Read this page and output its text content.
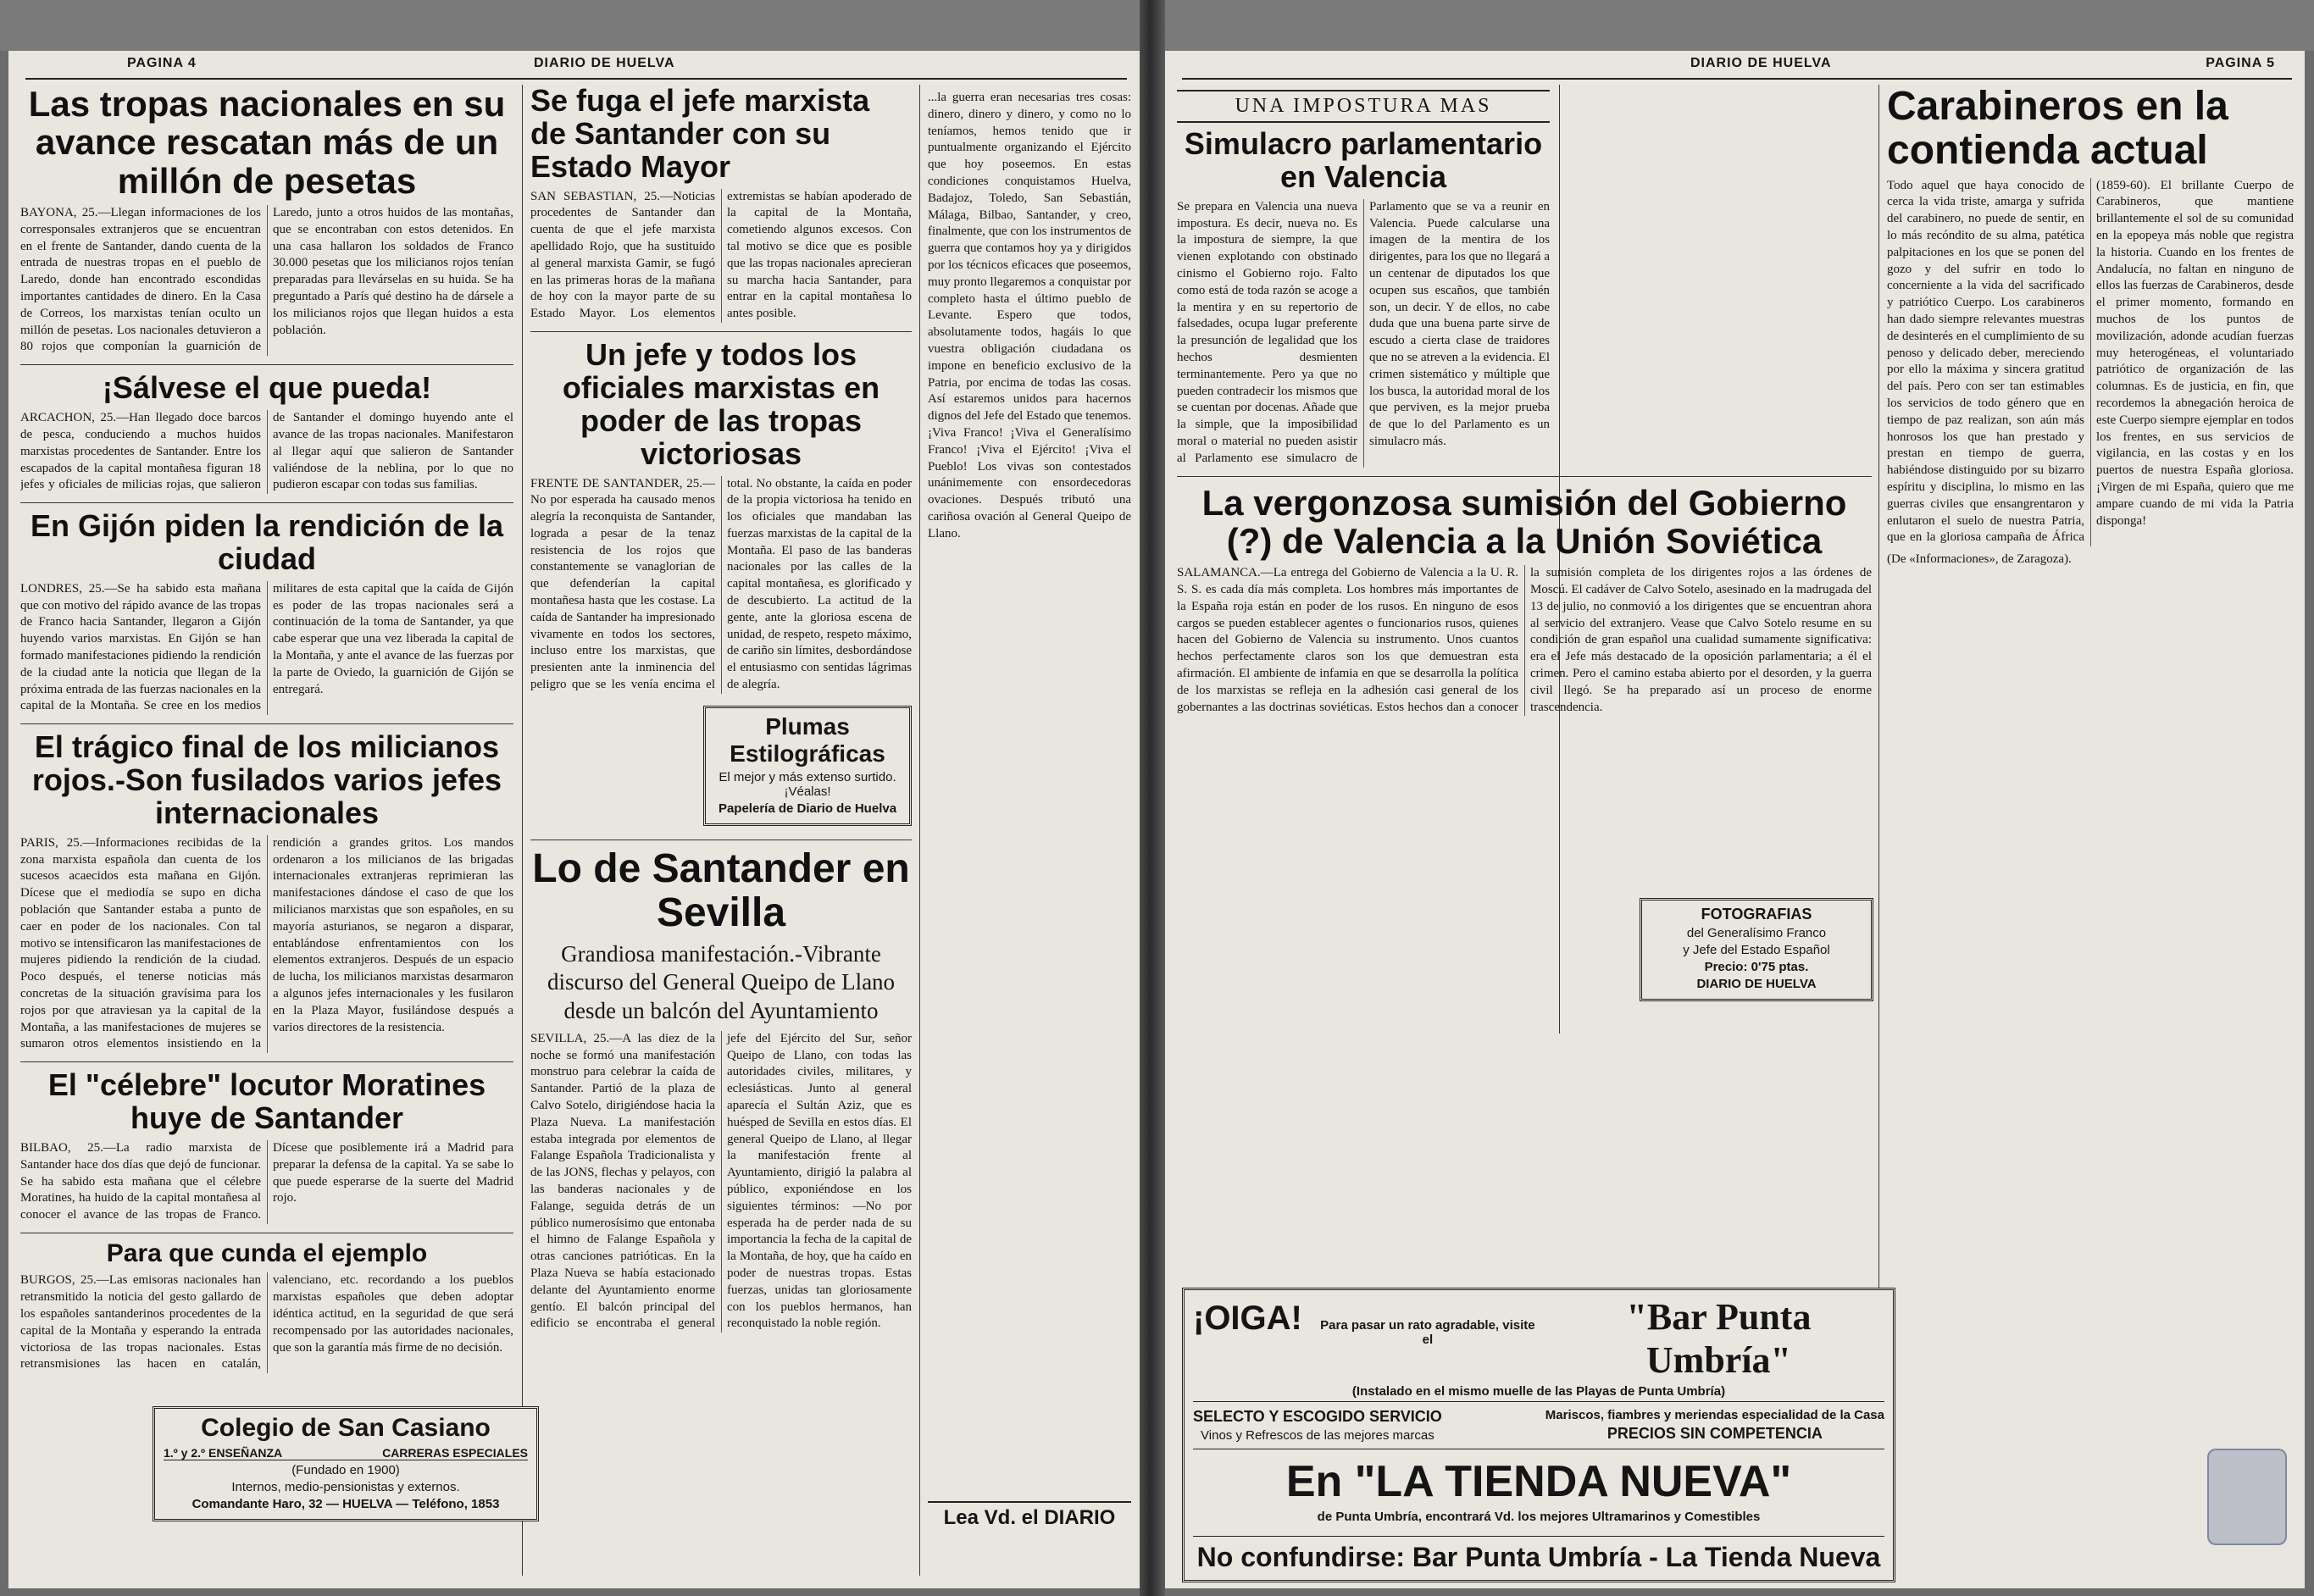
PAGINA 4	DIARIO DE HUELVA
Las tropas nacionales en su avance rescatan más de un millón de pesetas

BAYONA, 25.—Llegan informaciones de los corresponsales extranjeros que se encuentran en el frente de Santander, dando cuenta de la entrada de nuestras tropas en el pueblo de Laredo, donde han encontrado escondidas importantes cantidades de dinero. En la Casa de Correos, los marxistas tenían oculto un millón de pesetas. Los nacionales detuvieron a 80 rojos que componían la guarnición de Laredo, junto a otros huidos de las montañas, que se encontraban con estos detenidos. En una casa hallaron los soldados de Franco 30.000 pesetas que los milicianos rojos tenían preparadas para llevárselas en su huida. Se ha preguntado a París qué destino ha de dársele a los milicianos rojos que llegan huidos a esta población.

¡Sálvese el que pueda!

ARCACHON, 25.—Han llegado doce barcos de pesca, conduciendo a muchos huidos marxistas procedentes de Santander. Entre los escapados de la capital montañesa figuran 18 jefes y oficiales de milicias rojas, que salieron de Santander el domingo huyendo ante el avance de las tropas nacionales. Manifestaron al llegar aquí que salieron de Santander valiéndose de la neblina, por lo que no pudieron escapar con todas sus familias.

En Gijón piden la rendición de la ciudad

LONDRES, 25.—Se ha sabido esta mañana que con motivo del rápido avance de las tropas de Franco hacia Santander, llegaron a Gijón huyendo varios marxistas. En Gijón se han formado manifestaciones pidiendo la rendición de la ciudad ante la noticia que llegan de la próxima entrada de las fuerzas nacionales en la capital de la Montaña. Se cree en los medios militares de esta capital que la caída de Gijón es poder de las tropas nacionales será a continuación de la toma de Santander, ya que cabe esperar que una vez liberada la capital de la Montaña, y ante el avance de las fuerzas por la parte de Oviedo, la guarnición de Gijón se entregará.

El trágico final de los milicianos rojos.-Son fusilados varios jefes internacionales

PARIS, 25.—Informaciones recibidas de la zona marxista española dan cuenta de los sucesos acaecidos esta mañana en Gijón. Dícese que el mediodía se supo en dicha población que Santander estaba a punto de caer en poder de los nacionales. Con tal motivo se intensificaron las manifestaciones de mujeres pidiendo la rendición de la ciudad. Poco después, el tenerse noticias más concretas de la situación gravísima para los rojos por que atraviesan ya la capital de la Montaña, a las manifestaciones de mujeres se sumaron otros elementos insistiendo en la rendición a grandes gritos. Los mandos ordenaron a los milicianos de las brigadas internacionales extranjeras reprimieran las manifestaciones dándose el caso de que los milicianos marxistas que son españoles, en su mayoría asturianos, se negaron a disparar, entablándose enfrentamientos con los elementos extranjeros. Después de un espacio de lucha, los milicianos marxistas desarmaron a algunos jefes internacionales y les fusilaron en la Plaza Mayor, fusilándose después a varios directores de la resistencia.

El "célebre" locutor Moratines huye de Santander

BILBAO, 25.—La radio marxista de Santander hace dos días que dejó de funcionar. Se ha sabido esta mañana que el célebre Moratines, ha huido de la capital montañesa al conocer el avance de las tropas de Franco. Dícese que posiblemente irá a Madrid para preparar la defensa de la capital. Ya se sabe lo que puede esperarse de la suerte del Madrid rojo.

Para que cunda el ejemplo

BURGOS, 25.—Las emisoras nacionales han retransmitido la noticia del gesto gallardo de los españoles santanderinos procedentes de la capital de la Montaña y esperando la entrada victoriosa de las tropas nacionales. Estas retransmisiones las hacen en catalán, valenciano, etc. recordando a los pueblos marxistas españoles que deben adoptar idéntica actitud, en la seguridad de que será recompensado por las autoridades nacionales, que son la garantía más firme de no decisión.

Se fuga el jefe marxista de Santander con su Estado Mayor

SAN SEBASTIAN, 25.—Noticias procedentes de Santander dan cuenta de que el jefe marxista apellidado Rojo, que ha sustituido al general marxista Gamir, se fugó en las primeras horas de la mañana de hoy con la mayor parte de su Estado Mayor. Los elementos extremistas se habían apoderado de la capital de la Montaña, cometiendo algunos excesos. Con tal motivo se dice que es posible que las tropas nacionales aprecieran su marcha hacia Santander, para entrar en la capital montañesa lo antes posible.

Un jefe y todos los oficiales marxistas en poder de las tropas victoriosas

FRENTE DE SANTANDER, 25.—No por esperada ha causado menos alegría la reconquista de Santander, lograda a pesar de la tenaz resistencia de los rojos que constantemente se vanaglorian de que defenderían la capital montañesa hasta que les costase. La caída de Santander ha impresionado vivamente en todos los sectores, incluso entre los marxistas, que presienten ante la inminencia del peligro que se les venía encima el total. No obstante, la caída en poder de la propia victoriosa ha tenido en los oficiales que mandaban las fuerzas marxistas de la capital de la Montaña. El paso de las banderas nacionales por las calles de la capital montañesa, es glorificado y de descubierto. La actitud de la gente, ante la gloriosa escena de unidad, de respeto, respeto máximo, de cariño sin límites, desbordándose el entusiasmo con sentidas lágrimas de alegría.

Plumas Estilográficas
El mejor y más extenso surtido. ¡Véalas!
Papelería de Diario de Huelva
Lo de Santander en Sevilla

Grandiosa manifestación.-Vibrante discurso del General Queipo de Llano desde un balcón del Ayuntamiento

SEVILLA, 25.—A las diez de la noche se formó una manifestación monstruo para celebrar la caída de Santander. Partió de la plaza de Calvo Sotelo, dirigiéndose hacia la Plaza Nueva. La manifestación estaba integrada por elementos de Falange Española Tradicionalista y de las JONS, flechas y pelayos, con las banderas nacionales y de Falange, seguida detrás de un público numerosísimo que entonaba el himno de Falange Española y otras canciones patrióticas. En la Plaza Nueva se había estacionado delante del Ayuntamiento enorme gentío. El balcón principal del edificio se encontraba el general jefe del Ejército del Sur, señor Queipo de Llano, con todas las autoridades civiles, militares, y eclesiásticas. Junto al general aparecía el Sultán Aziz, que es huésped de Sevilla en estos días. El general Queipo de Llano, al llegar la manifestación frente al Ayuntamiento, dirigió la palabra al público, exponiéndose en los siguientes términos: —No por esperada ha de perder nada de su importancia la fecha de la capital de la Montaña, de hoy, que ha caído en poder de nuestras tropas. Estas fuerzas, unidas tan gloriosamente con los pueblos hermanos, han reconquistado la noble región.

...la guerra eran necesarias tres cosas: dinero, dinero y dinero, y como no lo teníamos, hemos tenido que ir puntualmente organizando el Ejército que hoy poseemos. En estas condiciones conquistamos Huelva, Badajoz, Toledo, San Sebastián, Málaga, Bilbao, Santander, y creo, finalmente, que con los instrumentos de guerra que contamos hoy ya y dirigidos por los técnicos eficaces que poseemos, muy pronto llegaremos a conquistar por completo hasta el último pueblo de Levante. Espero que todos, absolutamente todos, hagáis lo que vuestra obligación ciudadana os impone en beneficio exclusivo de la Patria, por encima de todas las cosas. Así estaremos unidos para hacernos dignos del Jefe del Estado que tenemos. ¡Viva Franco! ¡Viva el Generalísimo Franco! ¡Viva el Ejército! ¡Viva el Pueblo! Los vivas son contestados unánimemente con ensordecedoras ovaciones. Después tributó una cariñosa ovación al General Queipo de Llano.

Lea Vd. el DIARIO
Colegio de San Casiano
1.º y 2.º ENSEÑANZA	CARRERAS ESPECIALES
(Fundado en 1900)
Internos, medio-pensionistas y externos.
Comandante Haro, 32 — HUELVA — Teléfono, 1853
DIARIO DE HUELVA	PAGINA 5
UNA IMPOSTURA MAS
Simulacro parlamentario en Valencia

Se prepara en Valencia una nueva impostura. Es decir, nueva no. Es la impostura de siempre, la que vienen explotando con obstinado cinismo el Gobierno rojo. Falto como está de toda razón se acoge a la mentira y en su repertorio de falsedades, ocupa lugar preferente la presunción de legalidad que los hechos desmienten terminantemente. Pero ya que no pueden contradecir los mismos que se cuentan por docenas. Añade que la simple, que la imposibilidad moral o material no pueden asistir al Parlamento ese simulacro de Parlamento que se va a reunir en Valencia. Puede calcularse una imagen de la mentira de los dirigentes, para los que no llegará a un centenar de diputados los que ocupen sus escaños, que también son, un decir. Y de ellos, no cabe duda que una buena parte sirve de escudo a cierta clase de traidores que no se atreven a la evidencia. El crimen sistemático y múltiple que los busca, la autoridad moral de los que perviven, es la mejor prueba de que lo del Parlamento es un simulacro más.

La vergonzosa sumisión del Gobierno (?) de Valencia a la Unión Soviética

SALAMANCA.—La entrega del Gobierno de Valencia a la U. R. S. S. es cada día más completa. Los hombres más importantes de la España roja están en poder de los rusos. En ninguno de esos cargos se pueden establecer agentes o funcionarios rusos, quienes hacen del Gobierno de Valencia su instrumento. Unos cuantos hechos perfectamente claros son los que demuestran esta afirmación. El ambiente de infamia en que se desarrolla la política de los marxistas se refleja en la adhesión casi general de los gobernantes a las doctrinas soviéticas. Estos hechos dan a conocer la sumisión completa de los dirigentes rojos a las órdenes de Moscú. El cadáver de Calvo Sotelo, asesinado en la madrugada del 13 de julio, no conmovió a los dirigentes que se encuentran ahora al servicio del extranjero. Vease que Calvo Sotelo resume en su condición de gran español una cualidad sumamente significativa: era el Jefe más destacado de la oposición parlamentaria; a él el crimen. Pero el camino estaba abierto por el desorden, y la guerra civil llegó. Se ha preparado así un proceso de enorme trascendencia.

FOTOGRAFIAS
del Generalísimo Franco
y Jefe del Estado Español
Precio: 0'75 ptas.
DIARIO DE HUELVA
Carabineros en la contienda actual

Todo aquel que haya conocido de cerca la vida triste, amarga y sufrida del carabinero, no puede de sentir, en lo más recóndito de su alma, patética palpitaciones en los que se ponen del gozo y del sufrir en todo lo concerniente a la vida del sacrificado y patriótico Cuerpo. Los carabineros han dado siempre relevantes muestras de desinterés en el cumplimiento de su penoso y delicado deber, mereciendo por ello la máxima y sincera gratitud del país. Pero con ser tan estimables los servicios de todo género que en tiempo de paz realizan, son aún más honrosos los que han prestado y prestan en tiempo de guerra, habiéndose distinguido por su bizarro espíritu y disciplina, lo mismo en las guerras civiles que ensangrentaron y enlutaron el suelo de nuestra Patria, que en la gloriosa campaña de África (1859-60). El brillante Cuerpo de Carabineros, que mantiene brillantemente el sol de su comunidad en la epopeya más noble que registra la historia. Cuando en los frentes de Andalucía, no faltan en ninguno de ellos las fuerzas de Carabineros, desde el primer momento, formando en muchos de los puntos de movilización, adonde acudían fuerzas muy heterogéneas, el voluntariado patriótico de organización de las columnas. Es de justicia, en fin, que recordemos la abnegación heroica de este Cuerpo siempre ejemplar en todos los frentes, en sus servicios de vigilancia, en las costas y en los puertos de nuestra España gloriosa. ¡Virgen de mi España, quiero que me ampare cuando de mi vida la Patria disponga!

(De «Informaciones», de Zaragoza).

¡OIGA!	Para pasar un rato agradable, visite el
"Bar Punta Umbría"
(Instalado en el mismo muelle de las Playas de Punta Umbría)
SELECTO Y ESCOGIDO SERVICIO
Vinos y Refrescos de las mejores marcas
Mariscos, fiambres y meriendas especialidad de la Casa
PRECIOS SIN COMPETENCIA
En "LA TIENDA NUEVA"
de Punta Umbría, encontrará Vd. los mejores Ultramarinos y Comestibles
No confundirse: Bar Punta Umbría - La Tienda Nueva
